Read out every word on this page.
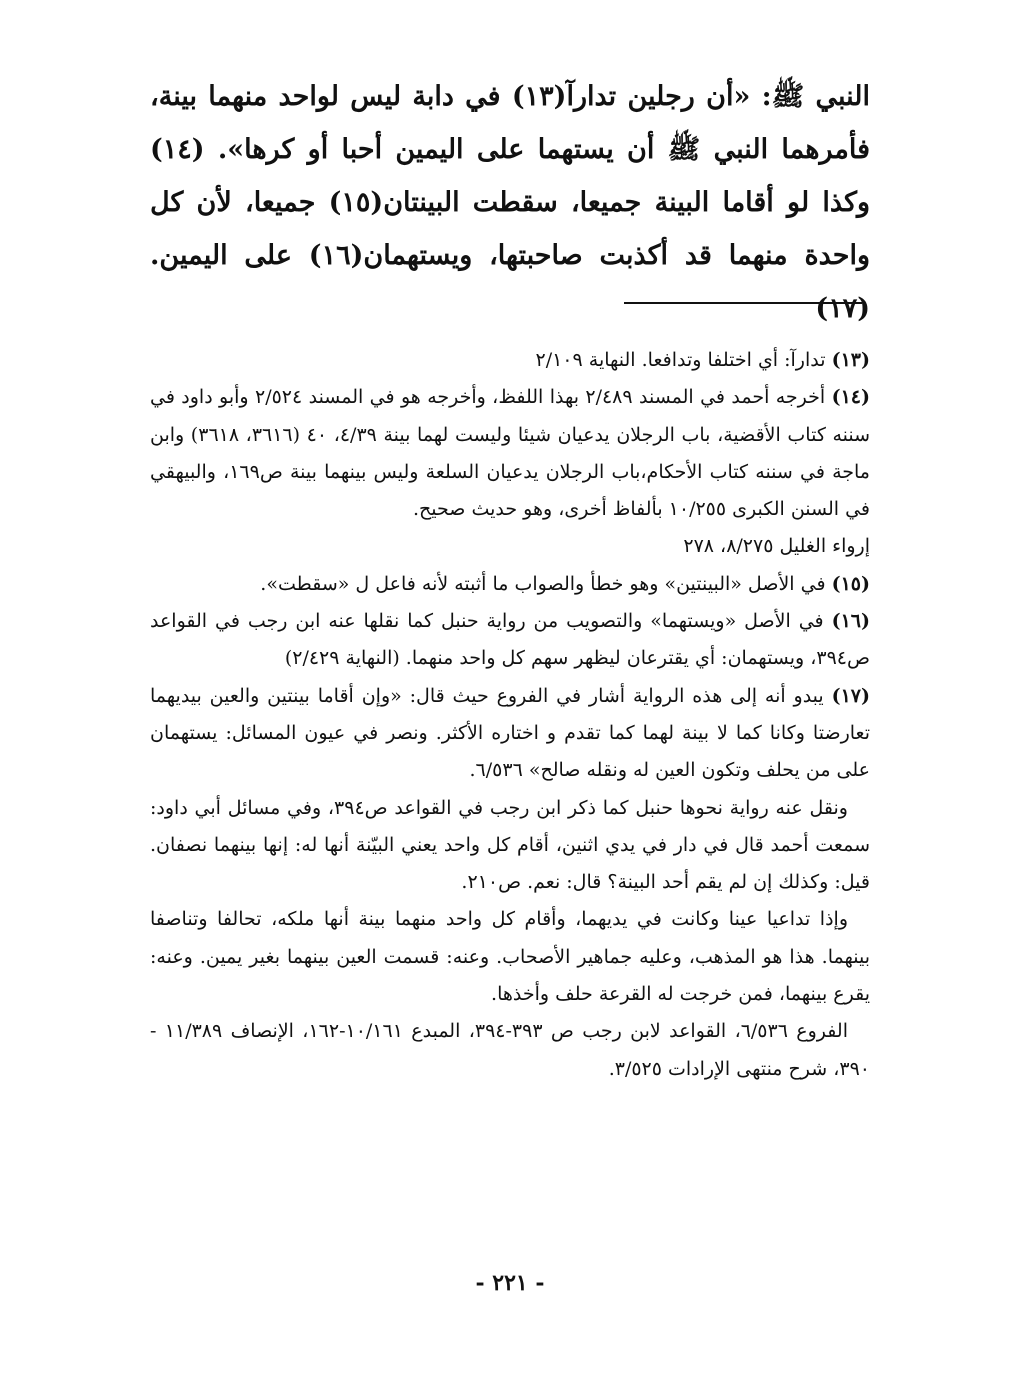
النبي ﷺ: «أن رجلين تدارآ(١٣) في دابة ليس لواحد منهما بينة، فأمرهما النبي ﷺ أن يستهما على اليمين أحبا أو كرها». (١٤) وكذا لو أقاما البينة جميعا، سقطت البينتان(١٥) جميعا، لأن كل واحدة منهما قد أكذبت صاحبتها، ويستهمان(١٦) على اليمين. (١٧)

(١٣) تدارآ: أي اختلفا وتدافعا. النهاية ٢/١٠٩

(١٤) أخرجه أحمد في المسند ٢/٤٨٩ بهذا اللفظ، وأخرجه هو في المسند ٢/٥٢٤ وأبو داود في سننه كتاب الأقضية، باب الرجلان يدعيان شيئا وليست لهما بينة ٤/٣٩، ٤٠ (٣٦١٦، ٣٦١٨) وابن ماجة في سننه كتاب الأحكام،باب الرجلان يدعيان السلعة وليس بينهما بينة ص١٦٩، والبيهقي في السنن الكبرى ١٠/٢٥٥ بألفاظ أخرى، وهو حديث صحيح.

إرواء الغليل ٨/٢٧٥، ٢٧٨

(١٥) في الأصل «البينتين» وهو خطأ والصواب ما أثبته لأنه فاعل ل «سقطت».

(١٦) في الأصل «ويستهما» والتصويب من رواية حنبل كما نقلها عنه ابن رجب في القواعد ص٣٩٤، ويستهمان: أي يقترعان ليظهر سهم كل واحد منهما. (النهاية ٢/٤٢٩)

(١٧) يبدو أنه إلى هذه الرواية أشار في الفروع حيث قال: «وإن أقاما بينتين والعين بيديهما تعارضتا وكانا كما لا بينة لهما كما تقدم و اختاره الأكثر. ونصر في عيون المسائل: يستهمان على من يحلف وتكون العين له ونقله صالح» ٦/٥٣٦.

ونقل عنه رواية نحوها حنبل كما ذكر ابن رجب في القواعد ص٣٩٤، وفي مسائل أبي داود: سمعت أحمد قال في دار في يدي اثنين، أقام كل واحد يعني البيّنة أنها له: إنها بينهما نصفان. قيل: وكذلك إن لم يقم أحد البينة؟ قال: نعم. ص٢١٠.

وإذا تداعيا عينا وكانت في يديهما، وأقام كل واحد منهما بينة أنها ملكه، تحالفا وتناصفا بينهما. هذا هو المذهب، وعليه جماهير الأصحاب. وعنه: قسمت العين بينهما بغير يمين. وعنه: يقرع بينهما، فمن خرجت له القرعة حلف وأخذها.

الفروع ٦/٥٣٦، القواعد لابن رجب ص ٣٩٣-٣٩٤، المبدع ١٠/١٦١-١٦٢، الإنصاف ١١/٣٨٩ - ٣٩٠، شرح منتهى الإرادات ٣/٥٢٥.

- ٢٢١ -
